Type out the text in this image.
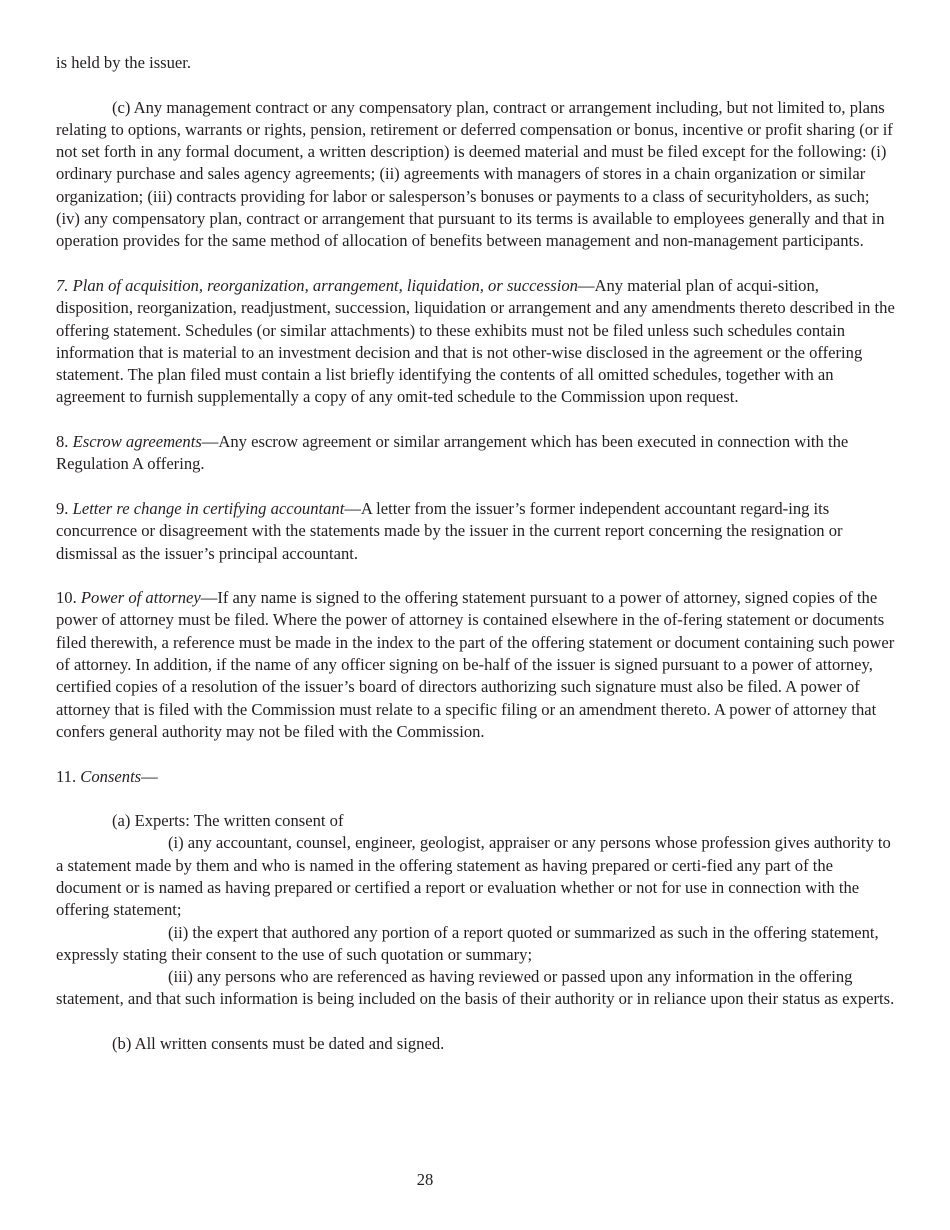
is held by the issuer.

(c) Any management contract or any compensatory plan, contract or arrangement including, but not limited to, plans relating to options, warrants or rights, pension, retirement or deferred compensation or bonus, incentive or profit sharing (or if not set forth in any formal document, a written description) is deemed material and must be filed except for the following: (i) ordinary purchase and sales agency agreements; (ii) agreements with managers of stores in a chain organization or similar organization; (iii) contracts providing for labor or salesperson’s bonuses or payments to a class of securityholders, as such; (iv) any compensatory plan, contract or arrangement that pursuant to its terms is available to employees generally and that in operation provides for the same method of allocation of benefits between management and non-management participants.

7. Plan of acquisition, reorganization, arrangement, liquidation, or succession—Any material plan of acqui-sition, disposition, reorganization, readjustment, succession, liquidation or arrangement and any amendments thereto described in the offering statement. Schedules (or similar attachments) to these exhibits must not be filed unless such schedules contain information that is material to an investment decision and that is not other-wise disclosed in the agreement or the offering statement. The plan filed must contain a list briefly identifying the contents of all omitted schedules, together with an agreement to furnish supplementally a copy of any omit-ted schedule to the Commission upon request.

8. Escrow agreements—Any escrow agreement or similar arrangement which has been executed in connection with the Regulation A offering.

9. Letter re change in certifying accountant—A letter from the issuer’s former independent accountant regard-ing its concurrence or disagreement with the statements made by the issuer in the current report concerning the resignation or dismissal as the issuer’s principal accountant.

10. Power of attorney—If any name is signed to the offering statement pursuant to a power of attorney, signed copies of the power of attorney must be filed. Where the power of attorney is contained elsewhere in the of-fering statement or documents filed therewith, a reference must be made in the index to the part of the offering statement or document containing such power of attorney. In addition, if the name of any officer signing on be-half of the issuer is signed pursuant to a power of attorney, certified copies of a resolution of the issuer’s board of directors authorizing such signature must also be filed. A power of attorney that is filed with the Commission must relate to a specific filing or an amendment thereto. A power of attorney that confers general authority may not be filed with the Commission.

11. Consents—

(a) Experts: The written consent of

(i) any accountant, counsel, engineer, geologist, appraiser or any persons whose profession gives authority to a statement made by them and who is named in the offering statement as having prepared or certi-fied any part of the document or is named as having prepared or certified a report or evaluation whether or not for use in connection with the offering statement;

(ii) the expert that authored any portion of a report quoted or summarized as such in the offering statement, expressly stating their consent to the use of such quotation or summary;

(iii) any persons who are referenced as having reviewed or passed upon any information in the offering statement, and that such information is being included on the basis of their authority or in reliance upon their status as experts.

(b) All written consents must be dated and signed.

28
